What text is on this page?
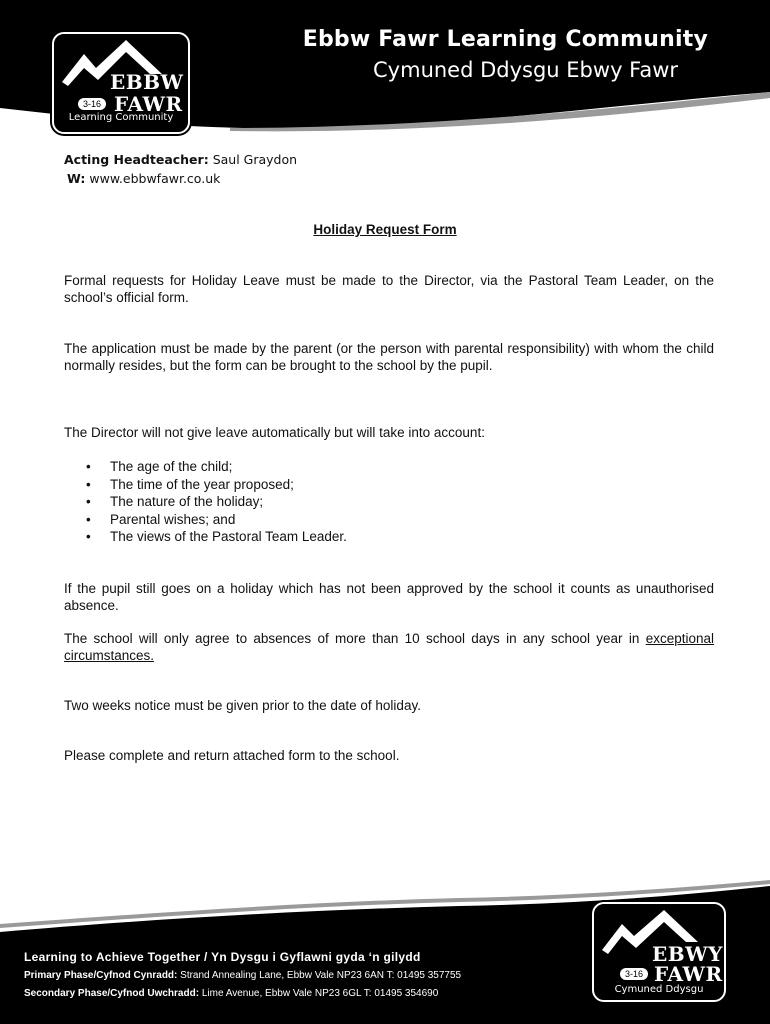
EBBW
3-16 FAWR
Learning Community
Ebbw Fawr Learning Community
Cymuned Ddysgu Ebwy Fawr
Acting Headteacher: Saul Graydon
W: www.ebbwfawr.co.uk
Holiday Request Form

Formal requests for Holiday Leave must be made to the Director, via the Pastoral Team Leader, on the school’s official form.

The application must be made by the parent (or the person with parental responsibility) with whom the child normally resides, but the form can be brought to the school by the pupil.

The Director will not give leave automatically but will take into account:

• The age of the child;
• The time of the year proposed;
• The nature of the holiday;
• Parental wishes; and
• The views of the Pastoral Team Leader.

If the pupil still goes on a holiday which has not been approved by the school it counts as unauthorised absence.

The school will only agree to absences of more than 10 school days in any school year in exceptional circumstances.

Two weeks notice must be given prior to the date of holiday.

Please complete and return attached form to the school.

Learning to Achieve Together / Yn Dysgu i Gyflawni gyda ‘n gilydd
Primary Phase/Cyfnod Cynradd: Strand Annealing Lane, Ebbw Vale NP23 6AN T: 01495 357755
Secondary Phase/Cyfnod Uwchradd: Lime Avenue, Ebbw Vale NP23 6GL T: 01495 354690
EBWY
3-16 FAWR
Cymuned Ddysgu
